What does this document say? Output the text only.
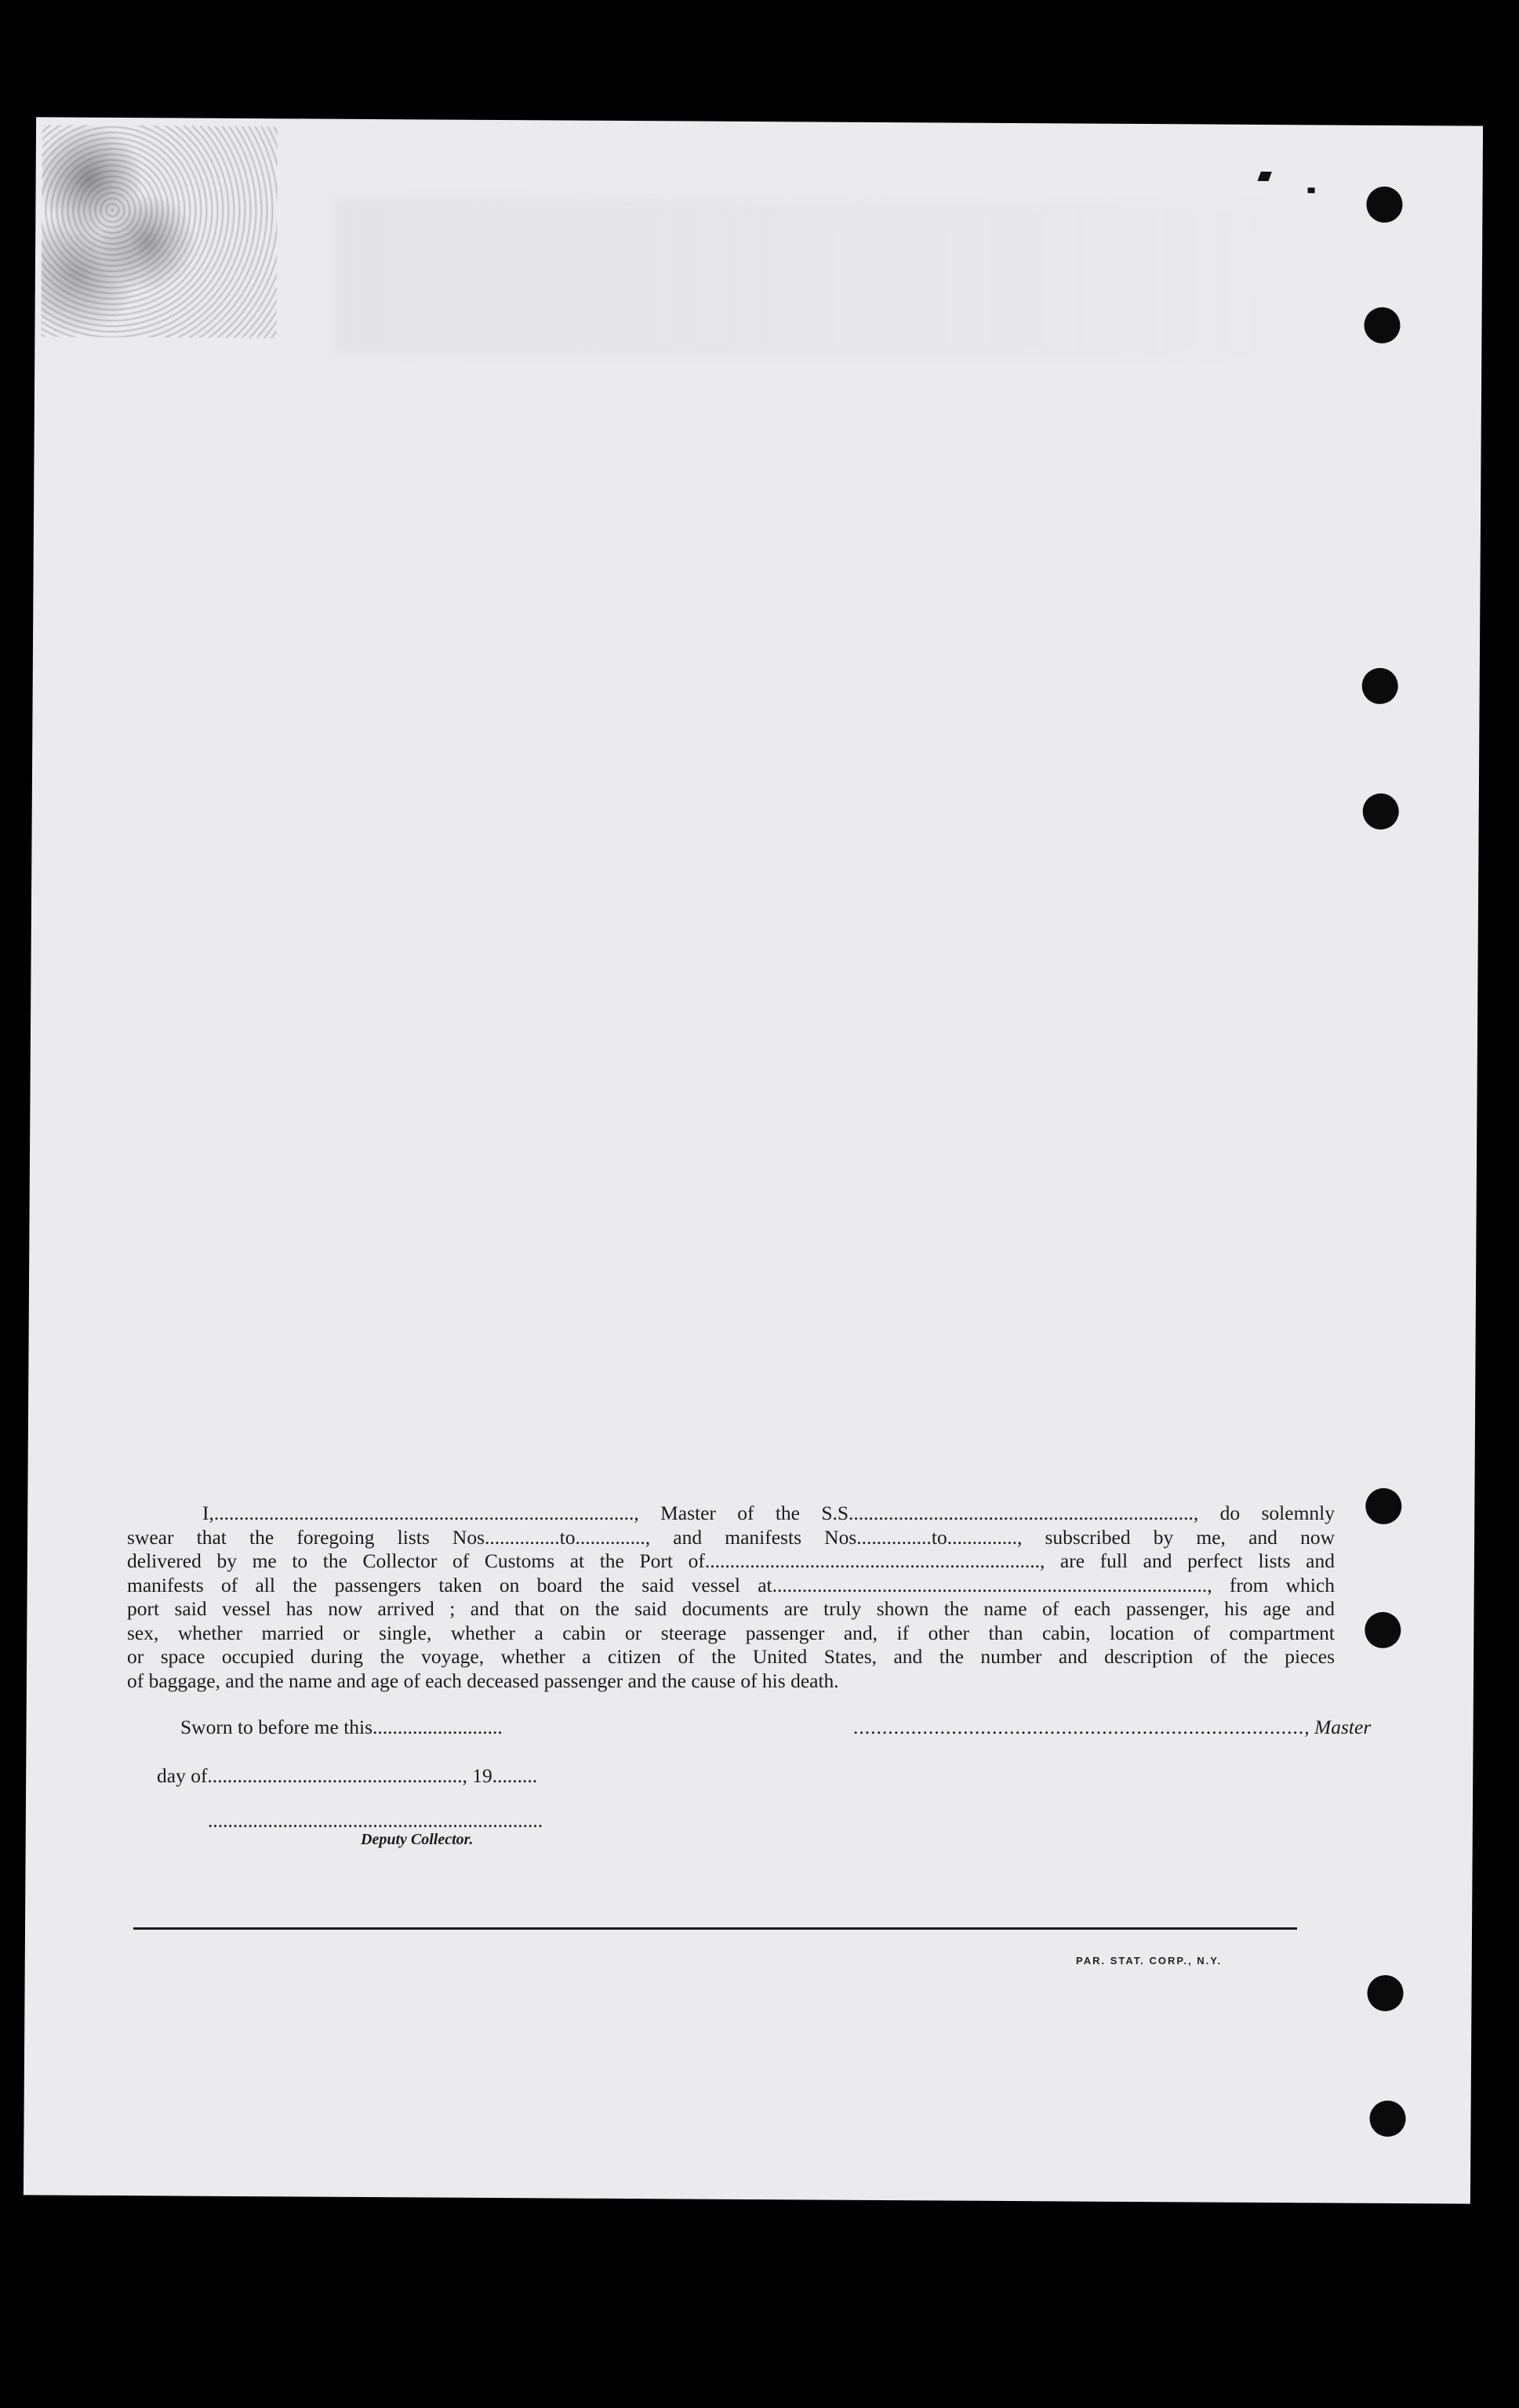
I,...................................................................................., Master of the S.S....................................................................., do solemnly

swear that the foregoing lists Nos...............to.............., and manifests Nos...............to.............., subscribed by me, and now

delivered by me to the Collector of Customs at the Port of..................................................................., are full and perfect lists and

manifests of all the passengers taken on board the said vessel at......................................................................................., from which

port said vessel has now arrived ; and that on the said documents are truly shown the name of each passenger, his age and

sex, whether married or single, whether a cabin or steerage passenger and, if other than cabin, location of compartment

or space occupied during the voyage, whether a citizen of the United States, and the number and description of the pieces

of baggage, and the name and age of each deceased passenger and the cause of his death.

Sworn to before me this..........................	.............................................................................., Master
day of..................................................., 19.........
...................................................................
Deputy Collector.
PAR. STAT. CORP., N.Y.
